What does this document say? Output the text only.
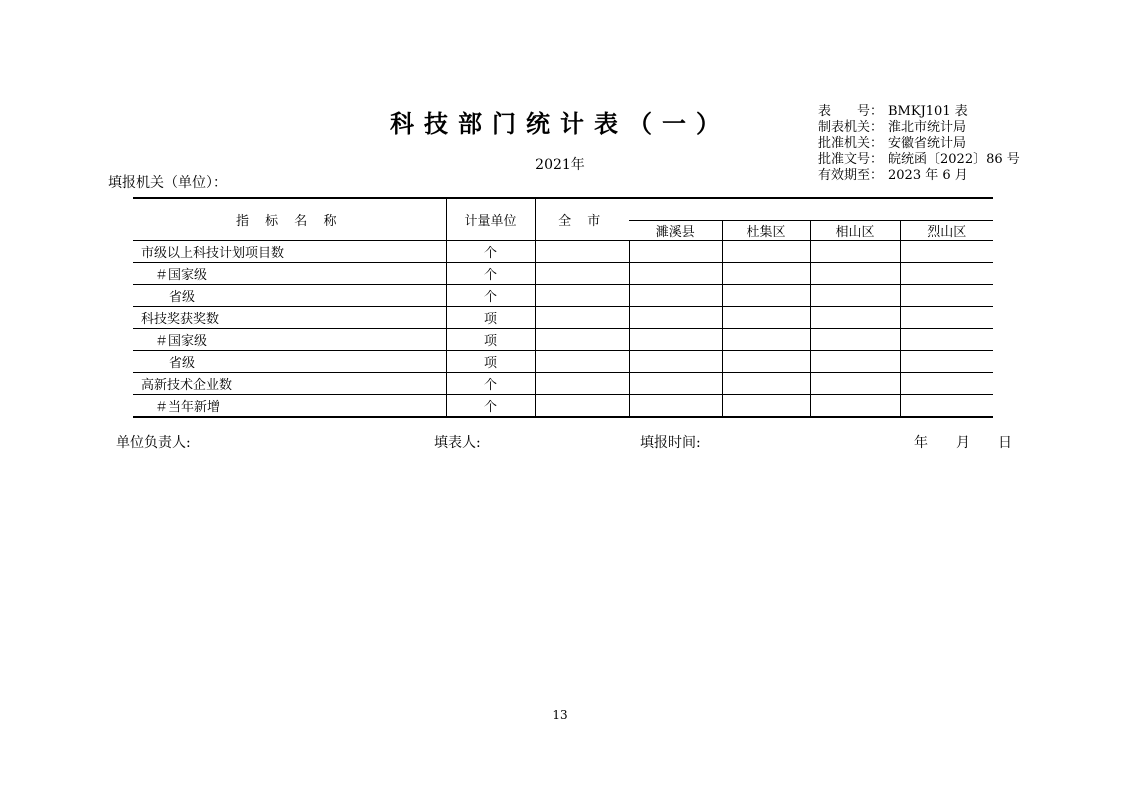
科技部门统计表（一）
2021年
填报机关（单位）：
表　　号： BMKJ101 表
制表机关： 淮北市统计局
批准机关： 安徽省统计局
批准文号： 皖统函〔2022〕86 号
有效期至： 2023 年 6 月
指 标 名 称	计量单位	全 市				
			濉溪县	杜集区	相山区	烈山区
市级以上科技计划项目数	个					
＃国家级	个					
省级	个					
科技奖获奖数	项					
＃国家级	项					
省级	项					
高新技术企业数	个					
＃当年新增	个					
单位负责人:	填表人:	填报时间:	年 月 日
13
